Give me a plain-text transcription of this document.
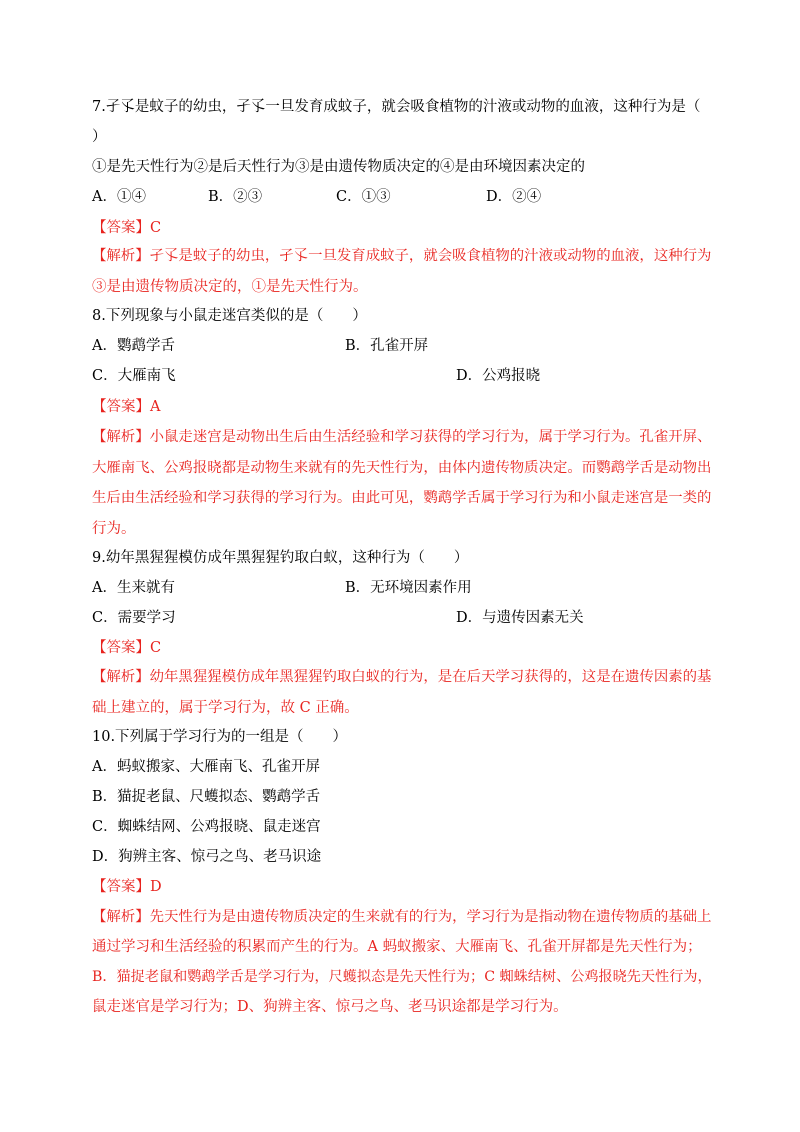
7.孑孓是蚊子的幼虫，孑孓一旦发育成蚊子，就会吸食植物的汁液或动物的血液，这种行为是（
）
①是先天性行为②是后天性行为③是由遗传物质决定的④是由环境因素决定的
A．①④	B．②③	C．①③	D．②④
【答案】C
【解析】孑孓是蚊子的幼虫，孑孓一旦发育成蚊子，就会吸食植物的汁液或动物的血液，这种行为
③是由遗传物质决定的，①是先天性行为。
8.下列现象与小鼠走迷宫类似的是（　　）
A．鹦鹉学舌	B．孔雀开屏
C．大雁南飞	D．公鸡报晓
【答案】A
【解析】小鼠走迷宫是动物出生后由生活经验和学习获得的学习行为，属于学习行为。孔雀开屏、
大雁南飞、公鸡报晓都是动物生来就有的先天性行为，由体内遗传物质决定。而鹦鹉学舌是动物出
生后由生活经验和学习获得的学习行为。由此可见，鹦鹉学舌属于学习行为和小鼠走迷宫是一类的
行为。
9.幼年黑猩猩模仿成年黑猩猩钓取白蚁，这种行为（　　）
A．生来就有	B．无环境因素作用
C．需要学习	D．与遗传因素无关
【答案】C
【解析】幼年黑猩猩模仿成年黑猩猩钓取白蚁的行为，是在后天学习获得的，这是在遗传因素的基
础上建立的，属于学习行为，故 C 正确。
10.下列属于学习行为的一组是（　　）
A．蚂蚁搬家、大雁南飞、孔雀开屏
B．猫捉老鼠、尺蠖拟态、鹦鹉学舌
C．蜘蛛结网、公鸡报晓、鼠走迷宫
D．狗辨主客、惊弓之鸟、老马识途
【答案】D
【解析】先天性行为是由遗传物质决定的生来就有的行为，学习行为是指动物在遗传物质的基础上
通过学习和生活经验的积累而产生的行为。A 蚂蚁搬家、大雁南飞、孔雀开屏都是先天性行为；
B．猫捉老鼠和鹦鹉学舌是学习行为，尺蠖拟态是先天性行为；C 蜘蛛结树、公鸡报晓先天性行为，
鼠走迷官是学习行为；D、狗辨主客、惊弓之鸟、老马识途都是学习行为。
